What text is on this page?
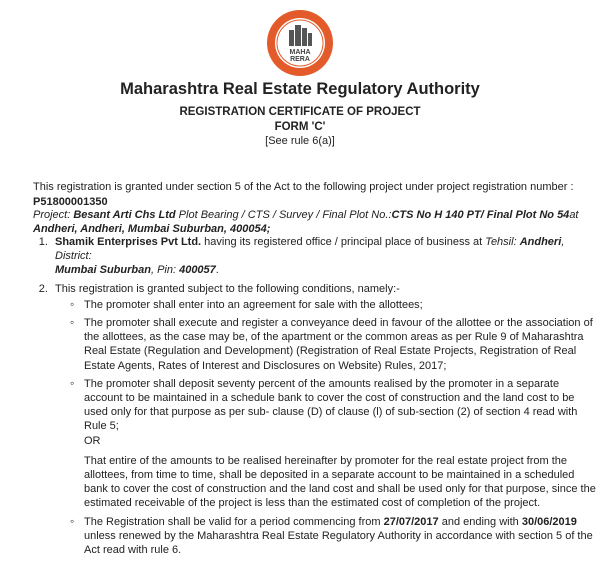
MAHA
RERA
Maharashtra Real Estate Regulatory Authority
REGISTRATION CERTIFICATE OF PROJECT
FORM 'C'
[See rule 6(a)]
This registration is granted under section 5 of the Act to the following project under project registration number :
P51800001350
Project: Besant Arti Chs Ltd Plot Bearing / CTS / Survey / Final Plot No.:CTS No H 140 PT/ Final Plot No 54at
Andheri, Andheri, Mumbai Suburban, 400054;
1. Shamik Enterprises Pvt Ltd. having its registered office / principal place of business at Tehsil: Andheri, District:
Mumbai Suburban, Pin: 400057.
2. This registration is granted subject to the following conditions, namely:-
◦ The promoter shall enter into an agreement for sale with the allottees;
◦ The promoter shall execute and register a conveyance deed in favour of the allottee or the association of the allottees, as the case may be, of the apartment or the common areas as per Rule 9 of Maharashtra Real Estate (Regulation and Development) (Registration of Real Estate Projects, Registration of Real Estate Agents, Rates of Interest and Disclosures on Website) Rules, 2017;
◦ The promoter shall deposit seventy percent of the amounts realised by the promoter in a separate account to be maintained in a schedule bank to cover the cost of construction and the land cost to be used only for that purpose as per sub- clause (D) of clause (l) of sub-section (2) of section 4 read with Rule 5;
OR
That entire of the amounts to be realised hereinafter by promoter for the real estate project from the allottees, from time to time, shall be deposited in a separate account to be maintained in a scheduled bank to cover the cost of construction and the land cost and shall be used only for that purpose, since the estimated receivable of the project is less than the estimated cost of completion of the project.
◦ The Registration shall be valid for a period commencing from 27/07/2017 and ending with 30/06/2019 unless renewed by the Maharashtra Real Estate Regulatory Authority in accordance with section 5 of the Act read with rule 6.
